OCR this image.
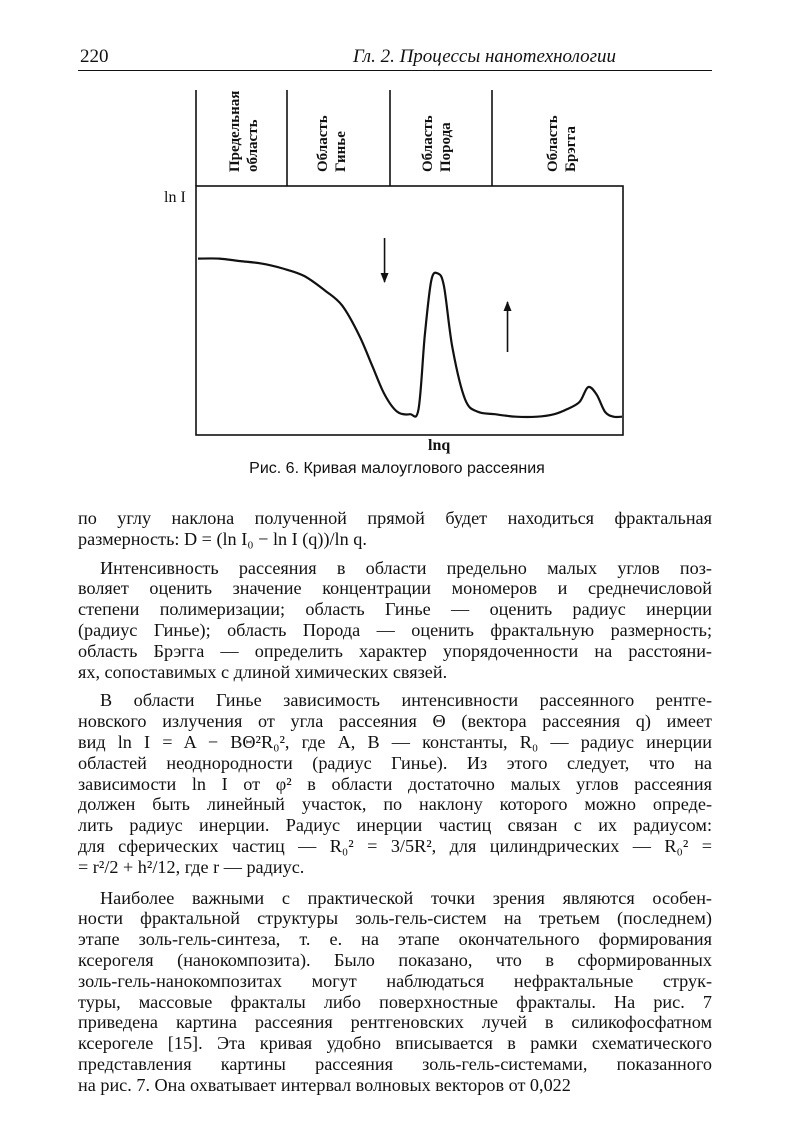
220	Гл. 2. Процессы нанотехнологии
Предельная область	Область Гинье	Область Порода	Область Брэгга
ln I
lnq
Рис. 6. Кривая малоуглового рассеяния
по углу наклона полученной прямой будет находиться фрактальная
размерность: D = (ln I₀ − ln I (q))/ln q.
Интенсивность рассеяния в области предельно малых углов поз-
воляет оценить значение концентрации мономеров и среднечисловой
степени полимеризации; область Гинье — оценить радиус инерции
(радиус Гинье); область Порода — оценить фрактальную размерность;
область Брэгга — определить характер упорядоченности на расстояни-
ях, сопоставимых с длиной химических связей.
В области Гинье зависимость интенсивности рассеянного рентге-
новского излучения от угла рассеяния Θ (вектора рассеяния q) имеет
вид ln I = A − BΘ²R₀², где A, B — константы, R₀ — радиус инерции
областей неоднородности (радиус Гинье). Из этого следует, что на
зависимости ln I от φ² в области достаточно малых углов рассеяния
должен быть линейный участок, по наклону которого можно опреде-
лить радиус инерции. Радиус инерции частиц связан с их радиусом:
для сферических частиц — R₀² = 3/5R², для цилиндрических — R₀² =
= r²/2 + h²/12, где r — радиус.
Наиболее важными с практической точки зрения являются особен-
ности фрактальной структуры золь-гель-систем на третьем (последнем)
этапе золь-гель-синтеза, т. е. на этапе окончательного формирования
ксерогеля (нанокомпозита). Было показано, что в сформированных
золь-гель-нанокомпозитах могут наблюдаться нефрактальные струк-
туры, массовые фракталы либо поверхностные фракталы. На рис. 7
приведена картина рассеяния рентгеновских лучей в силикофосфатном
ксерогеле [15]. Эта кривая удобно вписывается в рамки схематического
представления картины рассеяния золь-гель-системами, показанного
на рис. 7. Она охватывает интервал волновых векторов от 0,022
